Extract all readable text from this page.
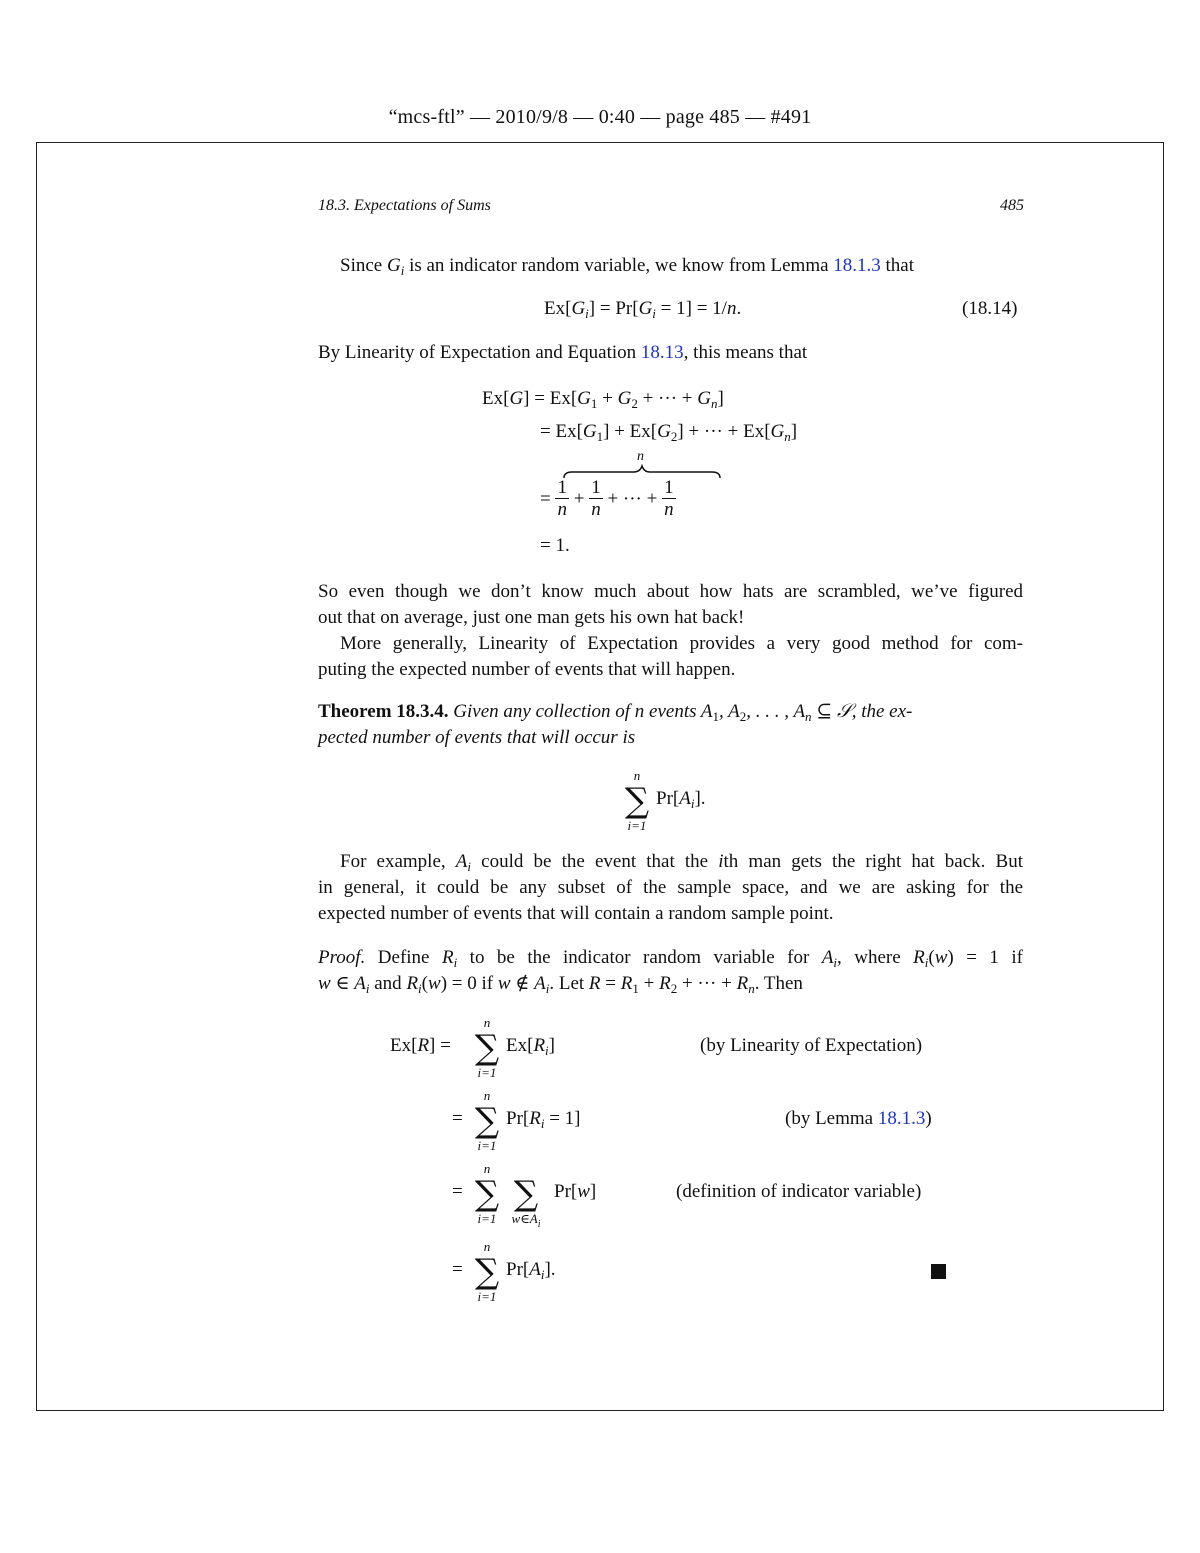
“mcs-ftl” — 2010/9/8 — 0:40 — page 485 — #491
18.3. Expectations of Sums	485
Since $G_i$ is an indicator random variable, we know from Lemma 18.1.3 that
$Ex[G_i] = Pr[G_i = 1] = 1/n$.	(18.14)
By Linearity of Expectation and Equation 18.13, this means that
$Ex[G] = Ex[G_1 + G_2$ + ··· + $G_n$]
= $Ex[G_1] + Ex[G_2]$ + ··· + $Ex[G_n]$
n
= $\frac{1}{n} + \frac{1}{n}$ + ··· + $\frac{1}{n}$
= 1.
So even though we don’t know much about how hats are scrambled, we’ve figured
out that on average, just one man gets his own hat back!
More generally, Linearity of Expectation provides a very good method for com-
puting the expected number of events that will happen.
Theorem 18.3.4. Given any collection of n events $A_1$, $A_2$, . . . , $A_n$ ⊆ 𝒮, the ex-
pected number of events that will occur is
n
∑
i=1
$Pr[A_i]$.
For example, $A_i$ could be the event that the ith man gets the right hat back. But
in general, it could be any subset of the sample space, and we are asking for the
expected number of events that will contain a random sample point.
Proof. Define $R_i$ to be the indicator random variable for $A_i$, where $R_i(w) = 1$ if
w ∈ $A_i$ and $R_i(w) = 0$ if w ∉ $A_i$. Let $R = R_1 + R_2$ + ··· + $R_n$. Then
Ex[R] =
n
∑
i=1
$Ex[R_i]$	(by Linearity of Expectation)
=
n
∑
i=1
$Pr[R_i = 1]$	(by Lemma 18.1.3)
=
n
∑
i=1

∑
$w\in A_i$
Pr[w]	(definition of indicator variable)
=
n
∑
i=1
$Pr[A_i]$.
